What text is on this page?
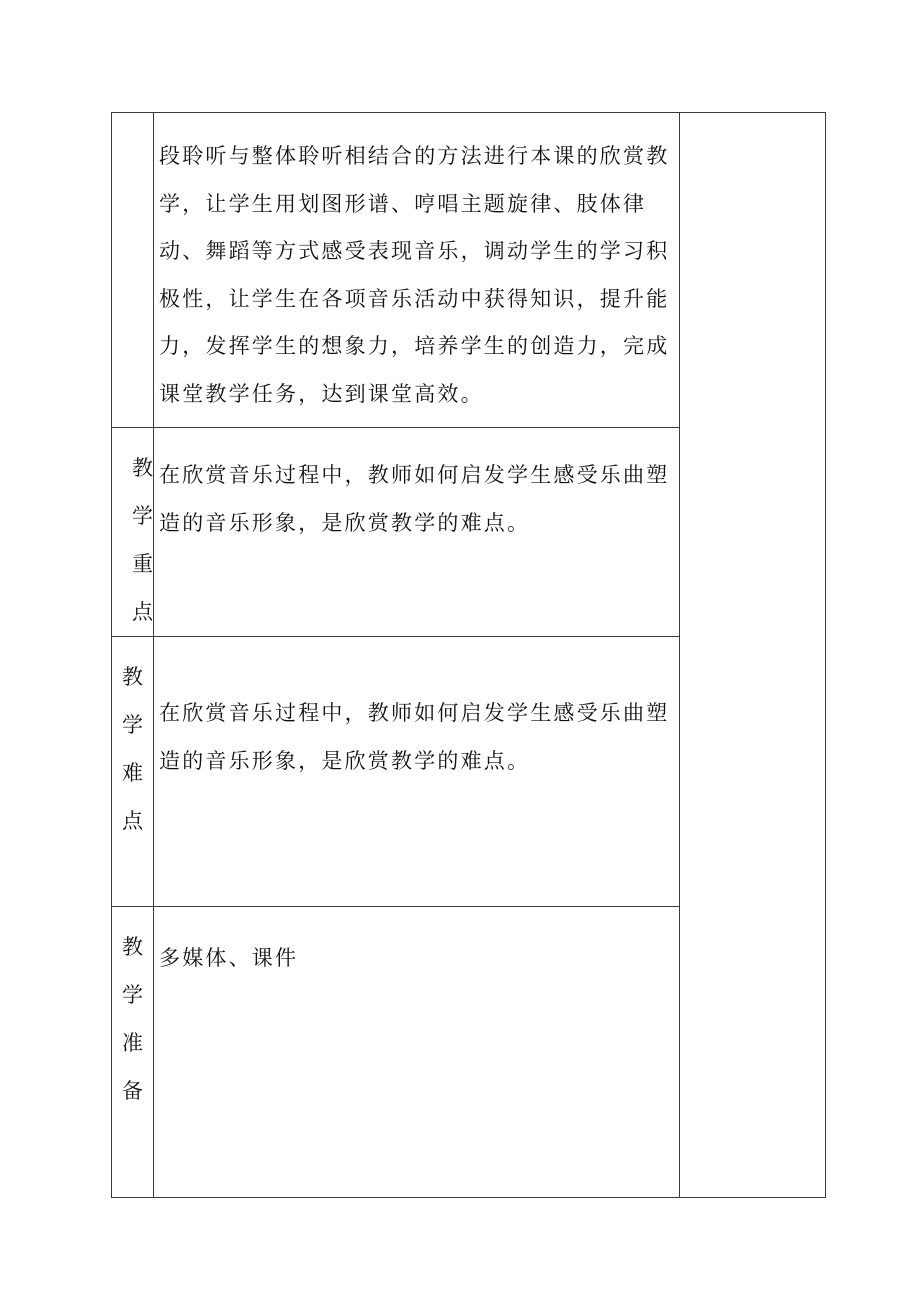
	段聆听与整体聆听相结合的方法进行本课的欣赏教学，让学生用划图形谱、哼唱主题旋律、肢体律动、舞蹈等方式感受表现音乐，调动学生的学习积极性，让学生在各项音乐活动中获得知识，提升能力，发挥学生的想象力，培养学生的创造力，完成课堂教学任务，达到课堂高效。	

教
学
重
点	在欣赏音乐过程中，教师如何启发学生感受乐曲塑造的音乐形象，是欣赏教学的难点。	

教
学
难
点	在欣赏音乐过程中，教师如何启发学生感受乐曲塑造的音乐形象，是欣赏教学的难点。	

教
学
准
备	多媒体、课件	
